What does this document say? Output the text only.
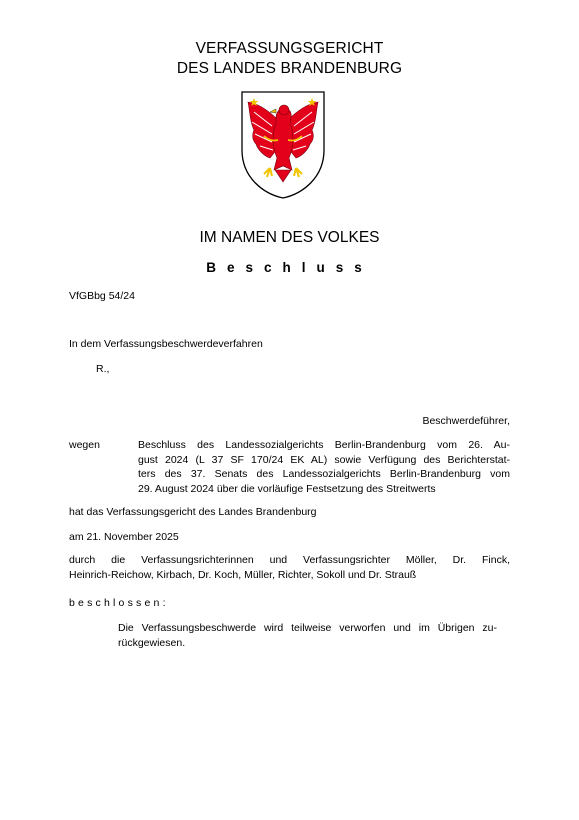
VERFASSUNGSGERICHT
DES LANDES BRANDENBURG
IM NAMEN DES VOLKES
Beschluss
VfGBbg 54/24
In dem Verfassungsbeschwerdeverfahren
R.,
Beschwerdeführer,
wegen	Beschluss des Landessozialgerichts Berlin-Brandenburg vom 26. Au-
gust 2024 (L 37 SF 170/24 EK AL) sowie Verfügung des Berichterstat-
ters des 37. Senats des Landessozialgerichts Berlin-Brandenburg vom
29. August 2024 über die vorläufige Festsetzung des Streitwerts
hat das Verfassungsgericht des Landes Brandenburg
am 21. November 2025
durch die Verfassungsrichterinnen und Verfassungsrichter Möller, Dr. Finck,
Heinrich-Reichow, Kirbach, Dr. Koch, Müller, Richter, Sokoll und Dr. Strauß
beschlossen:
Die Verfassungsbeschwerde wird teilweise verworfen und im Übrigen zu-
rückgewiesen.
